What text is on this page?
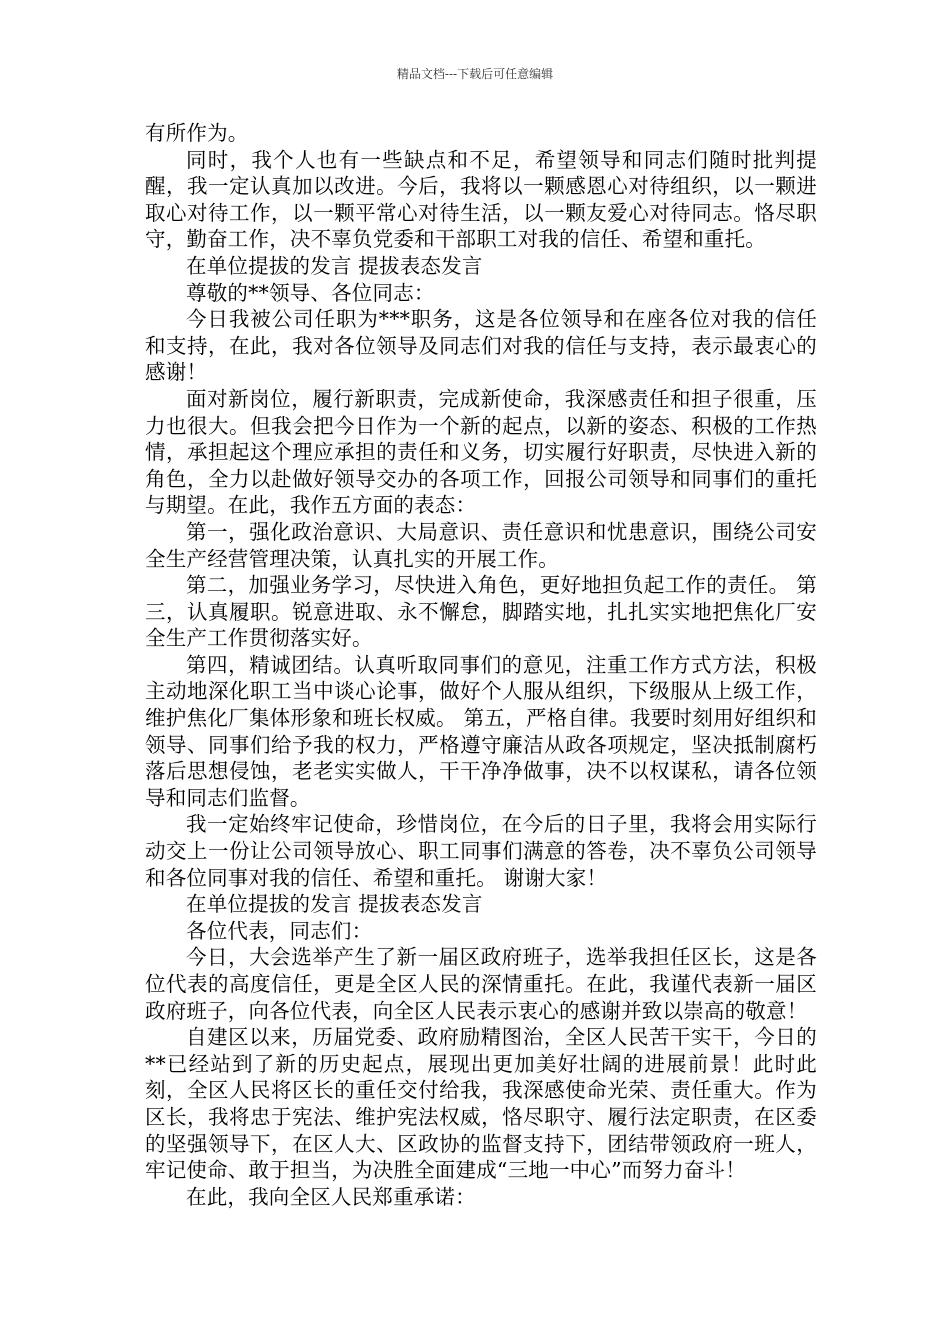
精品文档---下载后可任意编辑

有所作为。

同时，我个人也有一些缺点和不足，希望领导和同志们随时批判提醒，我一定认真加以改进。今后，我将以一颗感恩心对待组织，以一颗进取心对待工作，以一颗平常心对待生活，以一颗友爱心对待同志。恪尽职守，勤奋工作，决不辜负党委和干部职工对我的信任、希望和重托。

在单位提拔的发言 提拔表态发言

尊敬的**领导、各位同志：

今日我被公司任职为***职务，这是各位领导和在座各位对我的信任和支持，在此，我对各位领导及同志们对我的信任与支持，表示最衷心的感谢！

面对新岗位，履行新职责，完成新使命，我深感责任和担子很重，压力也很大。但我会把今日作为一个新的起点，以新的姿态、积极的工作热情，承担起这个理应承担的责任和义务，切实履行好职责，尽快进入新的角色，全力以赴做好领导交办的各项工作，回报公司领导和同事们的重托与期望。在此，我作五方面的表态：

第一，强化政治意识、大局意识、责任意识和忧患意识，围绕公司安全生产经营管理决策，认真扎实的开展工作。

第二，加强业务学习，尽快进入角色，更好地担负起工作的责任。 第三，认真履职。锐意进取、永不懈怠，脚踏实地，扎扎实实地把焦化厂安全生产工作贯彻落实好。

第四，精诚团结。认真听取同事们的意见，注重工作方式方法，积极主动地深化职工当中谈心论事，做好个人服从组织，下级服从上级工作，维护焦化厂集体形象和班长权威。 第五，严格自律。我要时刻用好组织和领导、同事们给予我的权力，严格遵守廉洁从政各项规定，坚决抵制腐朽落后思想侵蚀，老老实实做人，干干净净做事，决不以权谋私，请各位领导和同志们监督。

我一定始终牢记使命，珍惜岗位，在今后的日子里，我将会用实际行动交上一份让公司领导放心、职工同事们满意的答卷，决不辜负公司领导和各位同事对我的信任、希望和重托。 谢谢大家！

在单位提拔的发言 提拔表态发言

各位代表，同志们：

今日，大会选举产生了新一届区政府班子，选举我担任区长，这是各位代表的高度信任，更是全区人民的深情重托。在此，我谨代表新一届区政府班子，向各位代表，向全区人民表示衷心的感谢并致以崇高的敬意！

自建区以来，历届党委、政府励精图治，全区人民苦干实干，今日的**已经站到了新的历史起点，展现出更加美好壮阔的进展前景！此时此刻，全区人民将区长的重任交付给我，我深感使命光荣、责任重大。作为区长，我将忠于宪法、维护宪法权威，恪尽职守、履行法定职责，在区委的坚强领导下，在区人大、区政协的监督支持下，团结带领政府一班人，牢记使命、敢于担当，为决胜全面建成“三地一中心”而努力奋斗！

在此，我向全区人民郑重承诺：
